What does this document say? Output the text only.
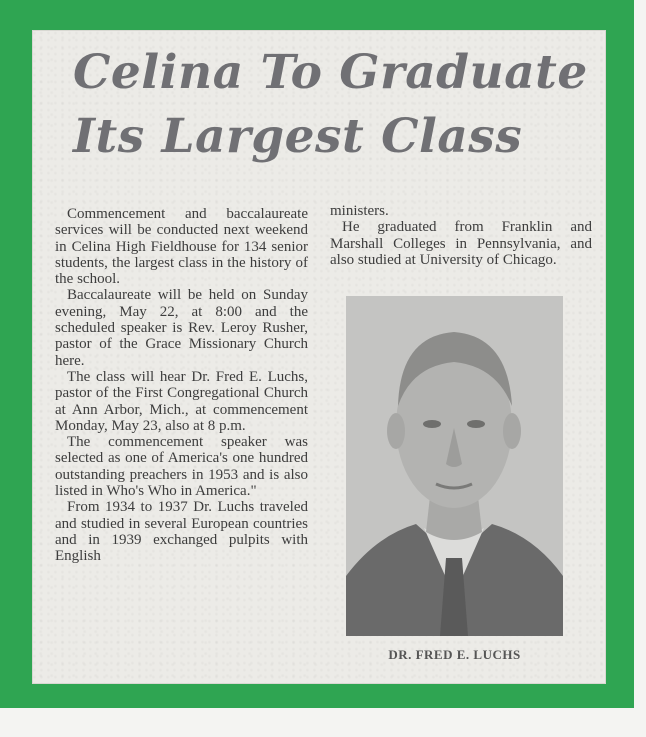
Celina To Graduate
Its Largest Class

Commencement and baccalaureate services will be conducted next weekend in Celina High Fieldhouse for 134 senior students, the largest class in the history of the school.

Baccalaureate will be held on Sunday evening, May 22, at 8:00 and the scheduled speaker is Rev. Leroy Rusher, pastor of the Grace Missionary Church here.

The class will hear Dr. Fred E. Luchs, pastor of the First Congregational Church at Ann Arbor, Mich., at commencement Monday, May 23, also at 8 p.m.

The commencement speaker was selected as one of America's one hundred outstanding preachers in 1953 and is also listed in Who's Who in America."

From 1934 to 1937 Dr. Luchs traveled and studied in several European countries and in 1939 exchanged pulpits with English

ministers.

He graduated from Franklin and Marshall Colleges in Pennsylvania, and also studied at University of Chicago.

DR. FRED E. LUCHS
